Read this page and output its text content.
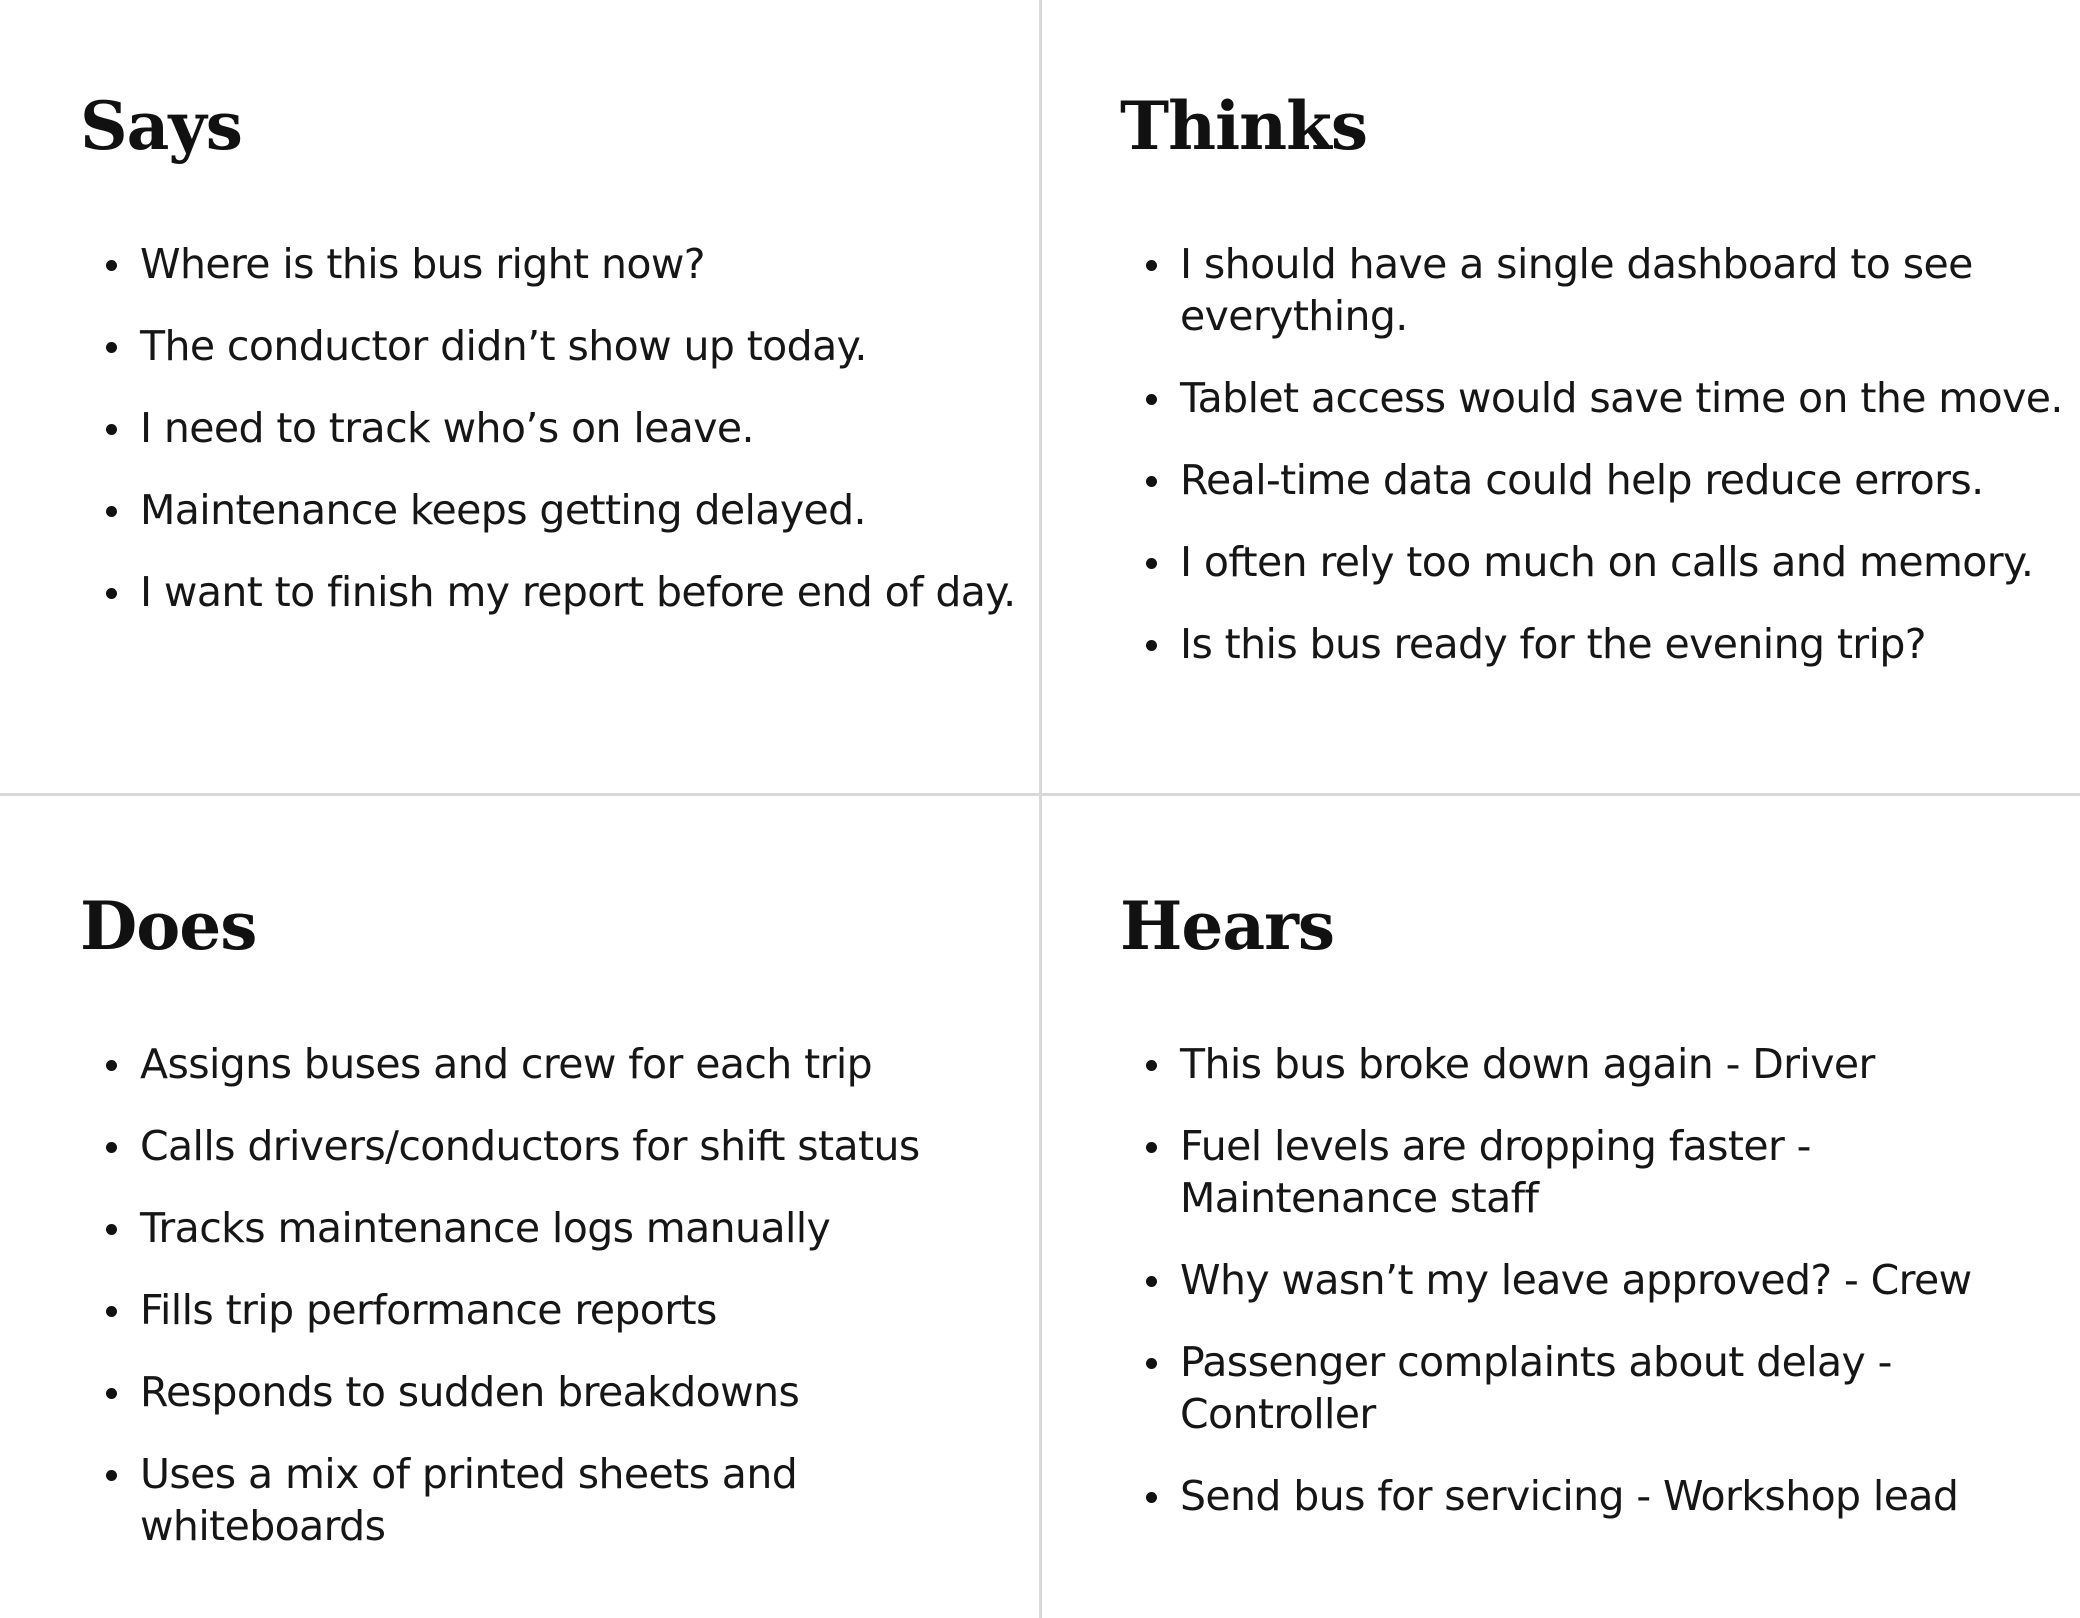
Says
Where is this bus right now?
The conductor didn’t show up today.
I need to track who’s on leave.
Maintenance keeps getting delayed.
I want to finish my report before end of day.
Thinks
I should have a single dashboard to see everything.
Tablet access would save time on the move.
Real-time data could help reduce errors.
I often rely too much on calls and memory.
Is this bus ready for the evening trip?
Does
Assigns buses and crew for each trip
Calls drivers/conductors for shift status
Tracks maintenance logs manually
Fills trip performance reports
Responds to sudden breakdowns
Uses a mix of printed sheets and whiteboards
Hears
This bus broke down again - Driver
Fuel levels are dropping faster - Maintenance staff
Why wasn’t my leave approved? - Crew
Passenger complaints about delay - Controller
Send bus for servicing - Workshop lead
